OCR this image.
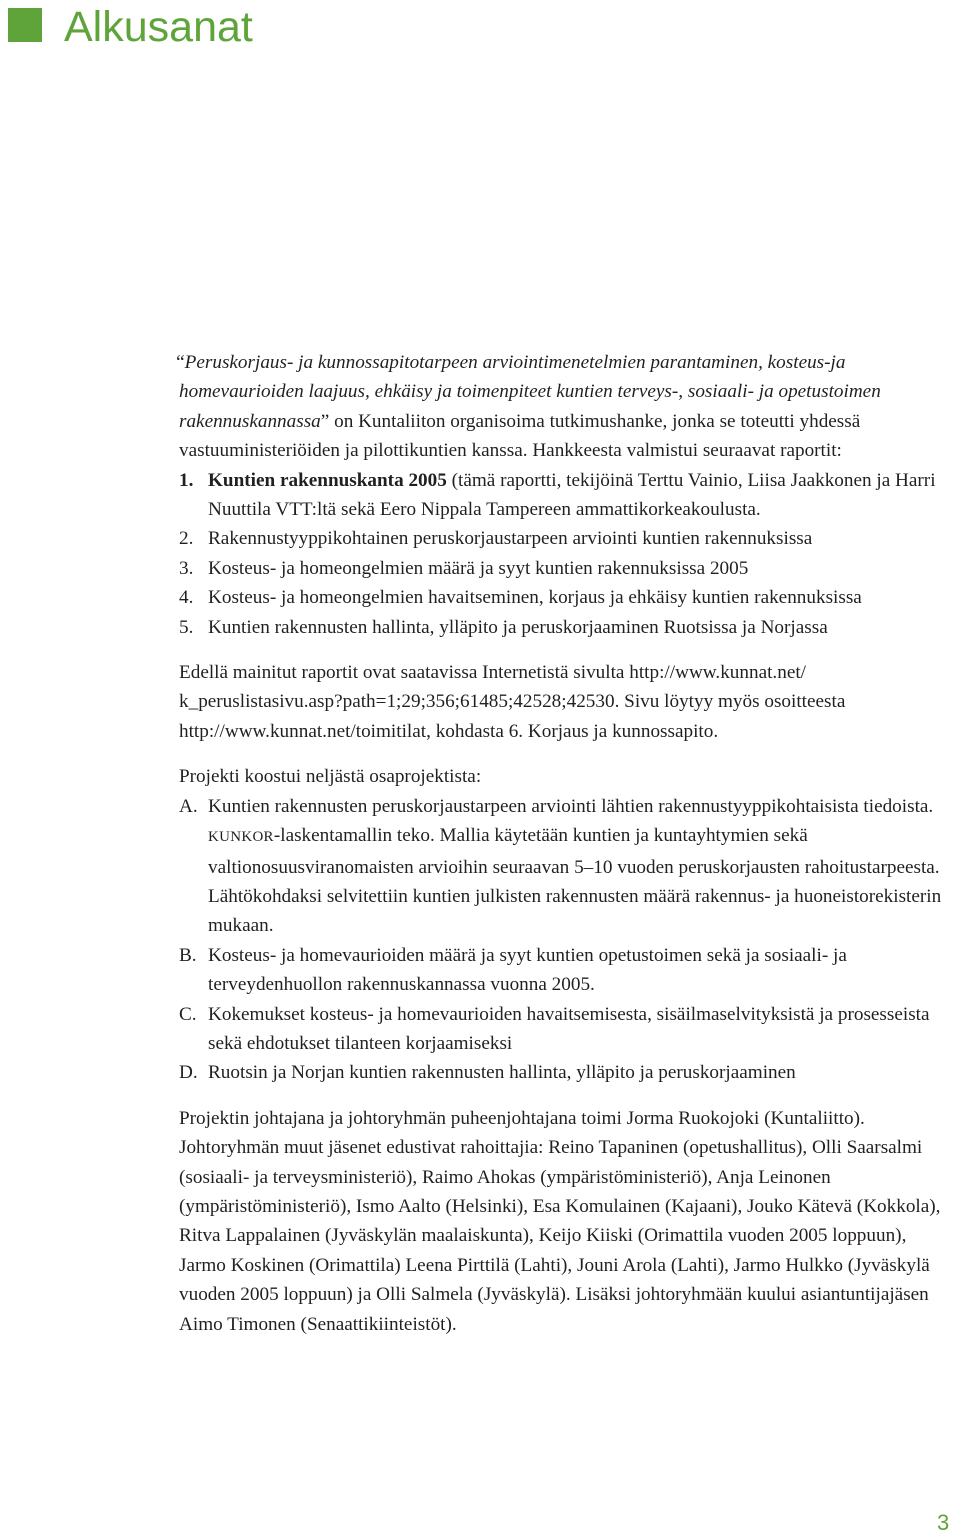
Alkusanat

“Peruskorjaus- ja kunnossapitotarpeen arviointimenetelmien parantaminen, kosteus-ja homevaurioiden laajuus, ehkäisy ja toimenpiteet kuntien terveys-, sosiaali- ja opetustoimen rakennuskannassa” on Kuntaliiton organisoima tutkimushanke, jonka se toteutti yhdessä vastuuministeriöiden ja pilottikuntien kanssa. Hankkeesta valmistui seuraavat raportit:

1. Kuntien rakennuskanta 2005 (tämä raportti, tekijöinä Terttu Vainio, Liisa Jaakkonen ja Harri Nuuttila VTT:ltä sekä Eero Nippala Tampereen ammattikorkeakoulusta.
2. Rakennustyyppikohtainen peruskorjaustarpeen arviointi kuntien rakennuksissa
3. Kosteus- ja homeongelmien määrä ja syyt kuntien rakennuksissa 2005
4. Kosteus- ja homeongelmien havaitseminen, korjaus ja ehkäisy kuntien rakennuksissa
5. Kuntien rakennusten hallinta, ylläpito ja peruskorjaaminen Ruotsissa ja Norjassa

Edellä mainitut raportit ovat saatavissa Internetistä sivulta http://www.kunnat.net/ k_peruslistasivu.asp?path=1;29;356;61485;42528;42530. Sivu löytyy myös osoitteesta http://www.kunnat.net/toimitilat, kohdasta 6. Korjaus ja kunnossapito.

Projekti koostui neljästä osaprojektista:

A. Kuntien rakennusten peruskorjaustarpeen arviointi lähtien rakennustyyppikohtaisista tiedoista. KUNKOR-laskentamallin teko. Mallia käytetään kuntien ja kuntayhtymien sekä valtionosuusviranomaisten arvioihin seuraavan 5–10 vuoden peruskorjausten rahoitustarpeesta. Lähtökohdaksi selvitettiin kuntien julkisten rakennusten määrä rakennus- ja huoneistorekisterin mukaan.
B. Kosteus- ja homevaurioiden määrä ja syyt kuntien opetustoimen sekä ja sosiaali- ja terveydenhuollon rakennuskannassa vuonna 2005.
C. Kokemukset kosteus- ja homevaurioiden havaitsemisesta, sisäilmaselvityksistä ja prosesseista sekä ehdotukset tilanteen korjaamiseksi
D. Ruotsin ja Norjan kuntien rakennusten hallinta, ylläpito ja peruskorjaaminen

Projektin johtajana ja johtoryhmän puheenjohtajana toimi Jorma Ruokojoki (Kuntaliitto). Johtoryhmän muut jäsenet edustivat rahoittajia: Reino Tapaninen (opetushallitus), Olli Saarsalmi (sosiaali- ja terveysministeriö), Raimo Ahokas (ympäristöministeriö), Anja Leinonen (ympäristöministeriö), Ismo Aalto (Helsinki), Esa Komulainen (Kajaani), Jouko Kätevä (Kokkola), Ritva Lappalainen (Jyväskylän maalaiskunta), Keijo Kiiski (Orimattila vuoden 2005 loppuun), Jarmo Koskinen (Orimattila) Leena Pirttilä (Lahti), Jouni Arola (Lahti), Jarmo Hulkko (Jyväskylä vuoden 2005 loppuun) ja Olli Salmela (Jyväskylä). Lisäksi johtoryhmään kuului asiantuntijajäsen Aimo Timonen (Senaattikiinteistöt).

3
